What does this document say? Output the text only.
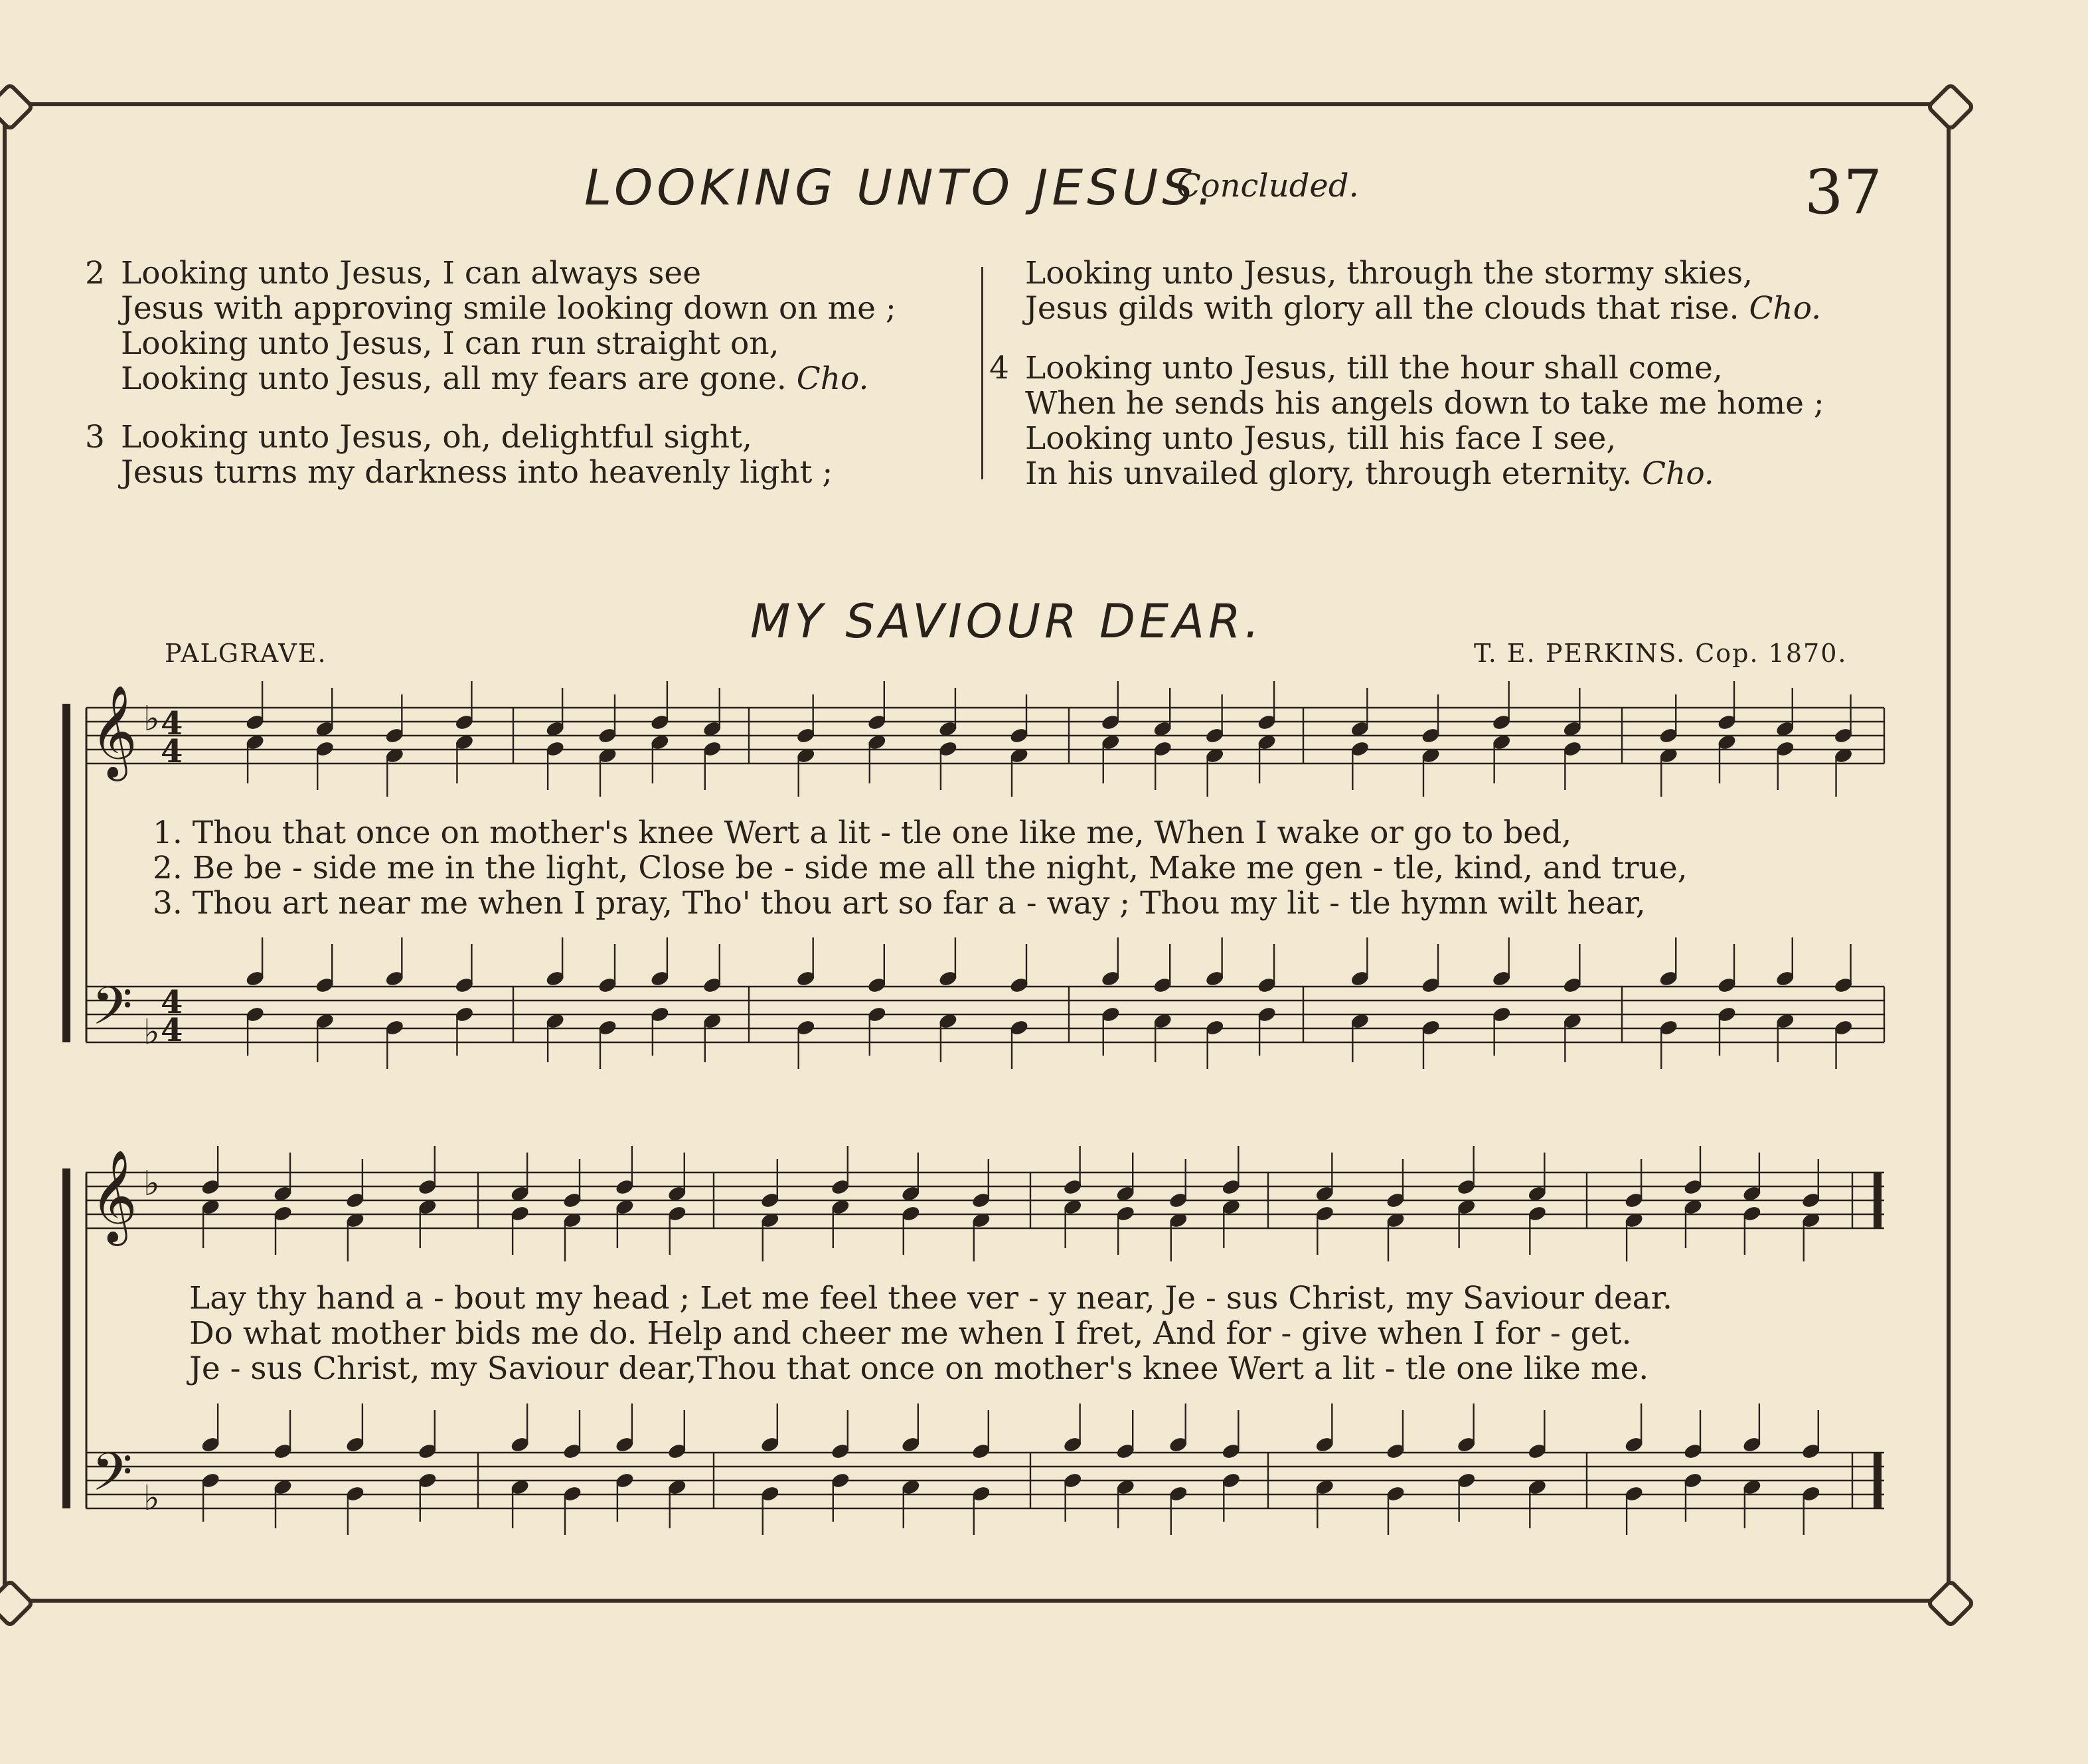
LOOKING UNTO JESUS.
Concluded.	37
2 Looking unto Jesus, I can always see
Jesus with approving smile looking down on me ;
Looking unto Jesus, I can run straight on,
Looking unto Jesus, all my fears are gone. Cho.
3 Looking unto Jesus, oh, delightful sight,
Jesus turns my darkness into heavenly light ;
Looking unto Jesus, through the stormy skies,
Jesus gilds with glory all the clouds that rise. Cho.
4 Looking unto Jesus, till the hour shall come,
When he sends his angels down to take me home ;
Looking unto Jesus, till his face I see,
In his unvailed glory, through eternity. Cho.
MY SAVIOUR DEAR.
PALGRAVE.	T. E. PERKINS. Cop. 1870.
𝄞
𝄢
♭
♭
4
4
4
4
𝄞
𝄢
♭
♭
1. Thou that once on mother's knee Wert a lit - tle one like me, When I wake or go to bed,
2. Be be - side me in the light, Close be - side me all the night, Make me gen - tle, kind, and true,
3. Thou art near me when I pray, Tho' thou art so far a - way ; Thou my lit - tle hymn wilt hear,
Lay thy hand a - bout my head ; Let me feel thee ver - y near, Je - sus Christ, my Saviour dear.
Do what mother bids me do. Help and cheer me when I fret, And for - give when I for - get.
Je - sus Christ, my Saviour dear,Thou that once on mother's knee Wert a lit - tle one like me.
